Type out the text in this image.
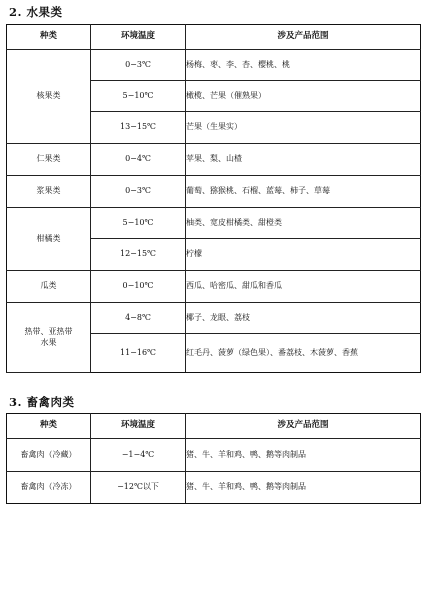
2. 水果类
种类	环境温度	涉及产品范围
核果类	0−3℃	杨梅、枣、李、杏、樱桃、桃
	5−10℃	橄榄、芒果（催熟果）
	13−15℃	芒果（生果实）
仁果类	0−4℃	苹果、梨、山楂
浆果类	0−3℃	葡萄、猕猴桃、石榴、蓝莓、柿子、草莓
柑橘类	5−10℃	柚类、宽皮柑橘类、甜橙类
	12−15℃	柠檬
瓜类	0−10℃	西瓜、哈密瓜、甜瓜和香瓜

热带、亚热带
水果	4−8℃	椰子、龙眼、荔枝
	11−16℃	红毛丹、菠萝（绿色果）、番荔枝、木菠萝、香蕉
3. 畜禽肉类
种类	环境温度	涉及产品范围
畜禽肉（冷藏）	−1−4℃	猪、牛、羊和鸡、鸭、鹅等肉制品
畜禽肉（冷冻）	−12℃以下	猪、牛、羊和鸡、鸭、鹅等肉制品
